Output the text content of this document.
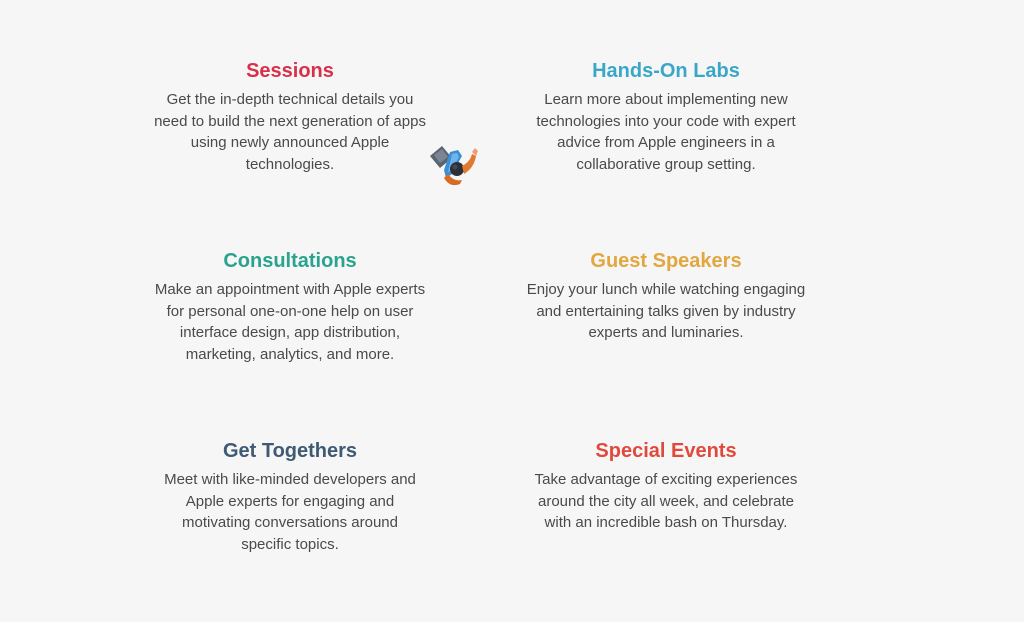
Sessions
Get the in-depth technical details you
need to build the next generation of apps
using newly announced Apple
technologies.
Hands-On Labs
Learn more about implementing new
technologies into your code with expert
advice from Apple engineers in a
collaborative group setting.
Consultations
Make an appointment with Apple experts
for personal one-on-one help on user
interface design, app distribution,
marketing, analytics, and more.
Guest Speakers
Enjoy your lunch while watching engaging
and entertaining talks given by industry
experts and luminaries.
Get Togethers
Meet with like-minded developers and
Apple experts for engaging and
motivating conversations around
specific topics.
Special Events
Take advantage of exciting experiences
around the city all week, and celebrate
with an incredible bash on Thursday.
